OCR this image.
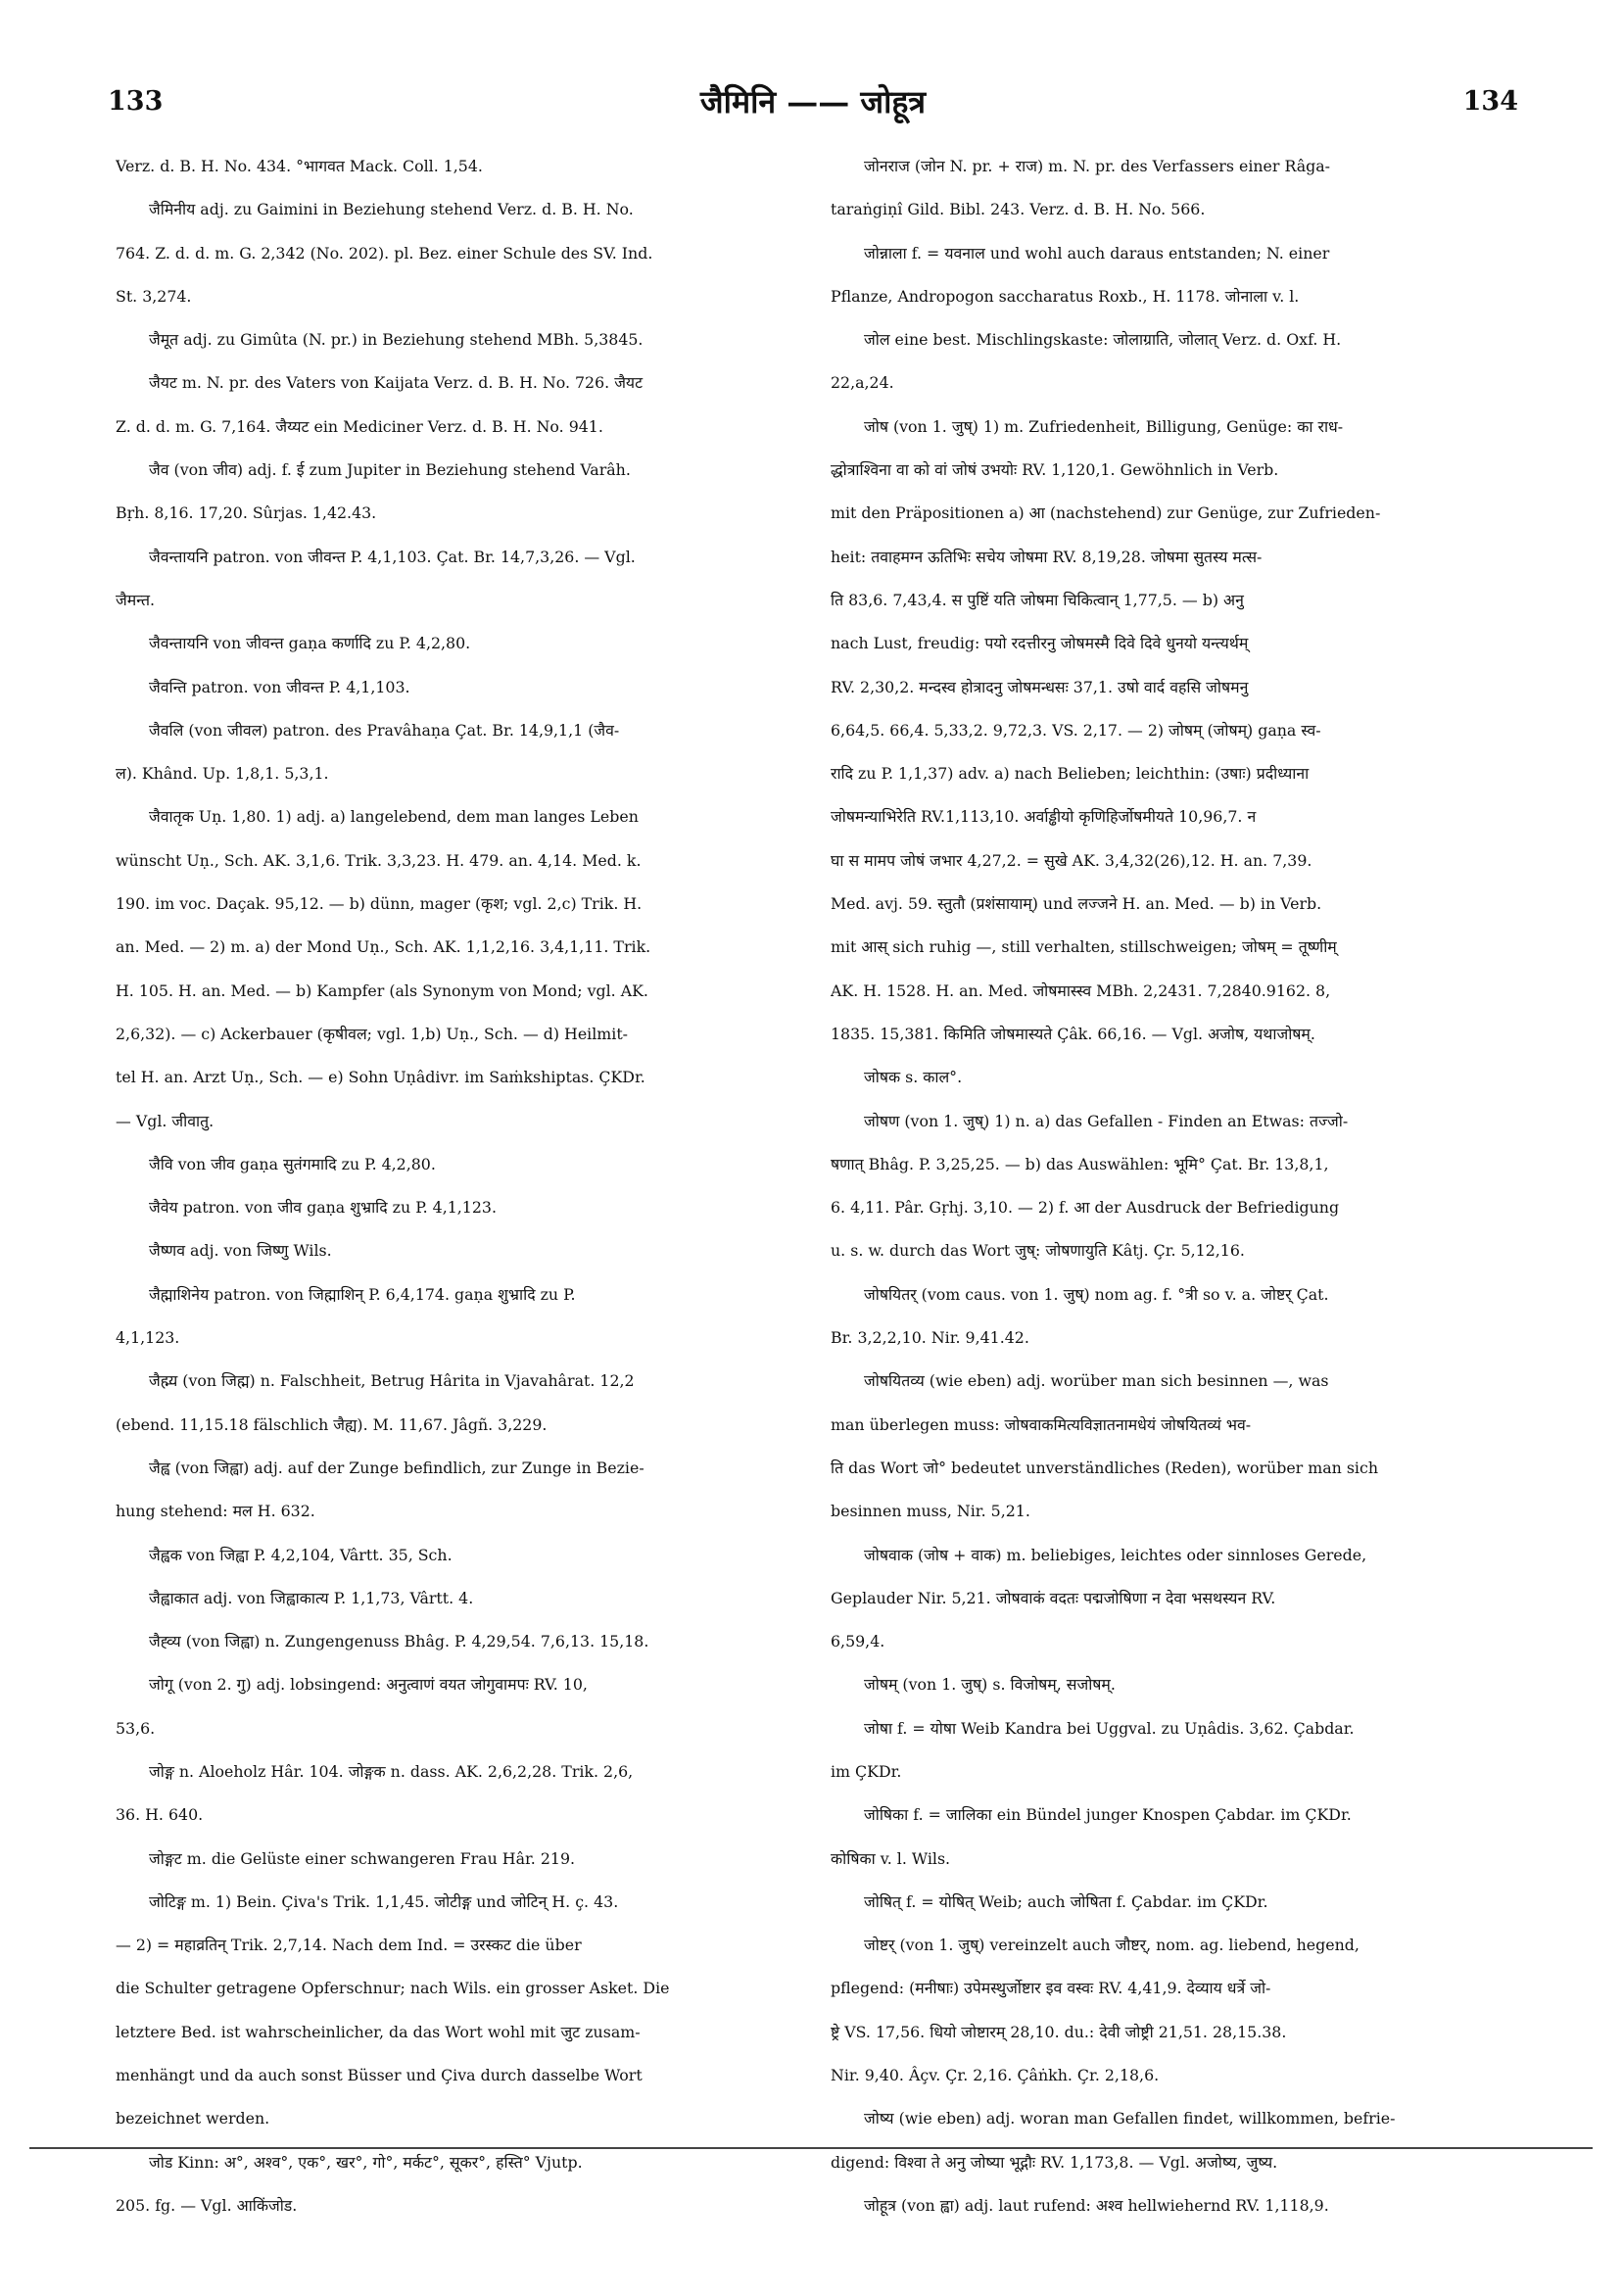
133	जैमिनि —— जोहूत्र	134
Verz. d. B. H. No. 434. °भागवत Mack. Coll. 1,54.
जैमिनीय adj. zu Gaimini in Beziehung stehend Verz. d. B. H. No.
764. Z. d. d. m. G. 2,342 (No. 202). pl. Bez. einer Schule des SV. Ind.
St. 3,274.
जैमूत adj. zu Gimûta (N. pr.) in Beziehung stehend MBh. 5,3845.
जैयट m. N. pr. des Vaters von Kaijata Verz. d. B. H. No. 726. जैयट
Z. d. d. m. G. 7,164. जैय्यट ein Mediciner Verz. d. B. H. No. 941.
जैव (von जीव) adj. f. ई zum Jupiter in Beziehung stehend Varâh.
Bṛh. 8,16. 17,20. Sûrjas. 1,42.43.
जैवन्तायनि patron. von जीवन्त P. 4,1,103. Çat. Br. 14,7,3,26. — Vgl.
जैमन्त.
जैवन्तायनि von जीवन्त gaṇa कर्णादि zu P. 4,2,80.
जैवन्ति patron. von जीवन्त P. 4,1,103.
जैवलि (von जीवल) patron. des Pravâhaṇa Çat. Br. 14,9,1,1 (जैव-
ल). Khând. Up. 1,8,1. 5,3,1.
जैवातृक Uṇ. 1,80. 1) adj. a) langelebend, dem man langes Leben
wünscht Uṇ., Sch. AK. 3,1,6. Trik. 3,3,23. H. 479. an. 4,14. Med. k.
190. im voc. Daçak. 95,12. — b) dünn, mager (कृश; vgl. 2,c) Trik. H.
an. Med. — 2) m. a) der Mond Uṇ., Sch. AK. 1,1,2,16. 3,4,1,11. Trik.
H. 105. H. an. Med. — b) Kampfer (als Synonym von Mond; vgl. AK.
2,6,32). — c) Ackerbauer (कृषीवल; vgl. 1,b) Uṇ., Sch. — d) Heilmit-
tel H. an. Arzt Uṇ., Sch. — e) Sohn Uṇâdivr. im Saṁkshiptas. ÇKDr.
— Vgl. जीवातु.
जैवि von जीव gaṇa सुतंगमादि zu P. 4,2,80.
जैवेय patron. von जीव gaṇa शुभ्रादि zu P. 4,1,123.
जैष्णव adj. von जिष्णु Wils.
जैह्माशिनेय patron. von जिह्माशिन् P. 6,4,174. gaṇa शुभ्रादि zu P.
4,1,123.
जैह्म्य (von जिह्म) n. Falschheit, Betrug Hârita in Vjavahârat. 12,2
(ebend. 11,15.18 fälschlich जैह्य). M. 11,67. Jâgñ. 3,229.
जैह्व (von जिह्वा) adj. auf der Zunge befindlich, zur Zunge in Bezie-
hung stehend: मल H. 632.
जैह्वक von जिह्वा P. 4,2,104, Vârtt. 35, Sch.
जैह्वाकात adj. von जिह्वाकात्य P. 1,1,73, Vârtt. 4.
जैह्व्य (von जिह्वा) n. Zungengenuss Bhâg. P. 4,29,54. 7,6,13. 15,18.
जोगू (von 2. गु) adj. lobsingend: अनुत्वाणं वयत जोगुवामपः RV. 10,
53,6.
जोङ्ग n. Aloeholz Hâr. 104. जोङ्गक n. dass. AK. 2,6,2,28. Trik. 2,6,
36. H. 640.
जोङ्गट m. die Gelüste einer schwangeren Frau Hâr. 219.
जोटिङ्ग m. 1) Bein. Çiva's Trik. 1,1,45. जोटीङ्ग und जोटिन् H. ç. 43.
— 2) = महाव्रतिन् Trik. 2,7,14. Nach dem Ind. = उरस्कट die über
die Schulter getragene Opferschnur; nach Wils. ein grosser Asket. Die
letztere Bed. ist wahrscheinlicher, da das Wort wohl mit जुट zusam-
menhängt und da auch sonst Büsser und Çiva durch dasselbe Wort
bezeichnet werden.
जोड Kinn: अ°, अश्व°, एक°, खर°, गो°, मर्कट°, सूकर°, हस्ति° Vjutp.
205. fg. — Vgl. आकिंजोड.
जोनराज (जोन N. pr. + राज) m. N. pr. des Verfassers einer Râga-
taraṅgiṇî Gild. Bibl. 243. Verz. d. B. H. No. 566.
जोन्नाला f. = यवनाल und wohl auch daraus entstanden; N. einer
Pflanze, Andropogon saccharatus Roxb., H. 1178. जोनाला v. l.
जोल eine best. Mischlingskaste: जोलाग्राति, जोलात् Verz. d. Oxf. H.
22,a,24.
जोष (von 1. जुष्) 1) m. Zufriedenheit, Billigung, Genüge: का राध-
द्धोत्राश्विना वा को वां जोषं उभयोः RV. 1,120,1. Gewöhnlich in Verb.
mit den Präpositionen a) आ (nachstehend) zur Genüge, zur Zufrieden-
heit: तवाहमग्न ऊतिभिः सचेय जोषमा RV. 8,19,28. जोषमा सुतस्य मत्स-
ति 83,6. 7,43,4. स पुष्टिं यति जोषमा चिकित्वान् 1,77,5. — b) अनु
nach Lust, freudig: पयो रदत्तीरनु जोषमस्मै दिवे दिवे धुनयो यन्त्यर्थम्
RV. 2,30,2. मन्दस्व होत्रादनु जोषमन्धसः 37,1. उषो वार्द वहसि जोषमनु
6,64,5. 66,4. 5,33,2. 9,72,3. VS. 2,17. — 2) जोषम् (जोषम्) gaṇa स्व-
रादि zu P. 1,1,37) adv. a) nach Belieben; leichthin: (उषाः) प्रदीध्याना
जोषमन्याभिरेति RV.1,113,10. अर्वाड्ढीयो कृणिहिर्जोषमीयते 10,96,7. न
घा स मामप जोषं जभार 4,27,2. = सुखे AK. 3,4,32(26),12. H. an. 7,39.
Med. avj. 59. स्तुतौ (प्रशंसायाम्) und लज्जने H. an. Med. — b) in Verb.
mit आस् sich ruhig —, still verhalten, stillschweigen; जोषम् = तूष्णीम्
AK. H. 1528. H. an. Med. जोषमास्स्व MBh. 2,2431. 7,2840.9162. 8,
1835. 15,381. किमिति जोषमास्यते Çâk. 66,16. — Vgl. अजोष, यथाजोषम्.
जोषक s. काल°.
जोषण (von 1. जुष्) 1) n. a) das Gefallen - Finden an Etwas: तज्जो-
षणात् Bhâg. P. 3,25,25. — b) das Auswählen: भूमि° Çat. Br. 13,8,1,
6. 4,11. Pâr. Gṛhj. 3,10. — 2) f. आ der Ausdruck der Befriedigung
u. s. w. durch das Wort जुष्: जोषणायुति Kâtj. Çr. 5,12,16.
जोषयितर् (vom caus. von 1. जुष्) nom ag. f. °त्री so v. a. जोष्टर् Çat.
Br. 3,2,2,10. Nir. 9,41.42.
जोषयितव्य (wie eben) adj. worüber man sich besinnen —, was
man überlegen muss: जोषवाकमित्यविज्ञातनामधेयं जोषयितव्यं भव-
ति das Wort जो° bedeutet unverständliches (Reden), worüber man sich
besinnen muss, Nir. 5,21.
जोषवाक (जोष + वाक) m. beliebiges, leichtes oder sinnloses Gerede,
Geplauder Nir. 5,21. जोषवाकं वदतः पद्मजोषिणा न देवा भसथस्यन RV.
6,59,4.
जोषम् (von 1. जुष्) s. विजोषम्, सजोषम्.
जोषा f. = योषा Weib Kandra bei Uggval. zu Uṇâdis. 3,62. Çabdar.
im ÇKDr.
जोषिका f. = जालिका ein Bündel junger Knospen Çabdar. im ÇKDr.
कोषिका v. l. Wils.
जोषित् f. = योषित् Weib; auch जोषिता f. Çabdar. im ÇKDr.
जोष्टर् (von 1. जुष्) vereinzelt auch जौष्टर्, nom. ag. liebend, hegend,
pflegend: (मनीषाः) उपेमस्थुर्जोष्टार इव वस्वः RV. 4,41,9. देव्याय धर्त्रे जो-
ष्ट्रे VS. 17,56. धियो जोष्टारम् 28,10. du.: देवी जोष्ट्री 21,51. 28,15.38.
Nir. 9,40. Âçv. Çr. 2,16. Çâṅkh. Çr. 2,18,6.
जोष्य (wie eben) adj. woran man Gefallen findet, willkommen, befrie-
digend: विश्वा ते अनु जोष्या भूद्गौः RV. 1,173,8. — Vgl. अजोष्य, जुष्य.
जोहूत्र (von ह्वा) adj. laut rufend: अश्व hellwiehernd RV. 1,118,9.
